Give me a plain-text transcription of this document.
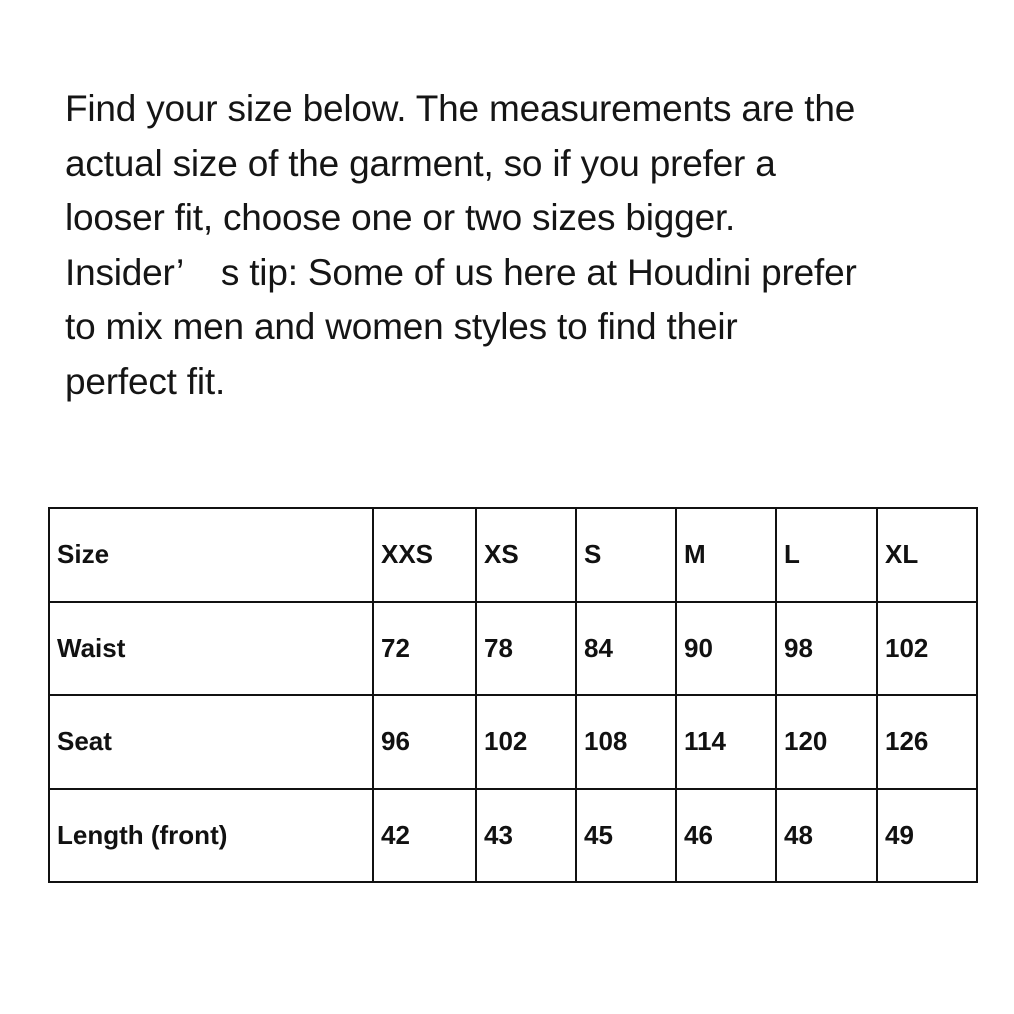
Find your size below. The measurements are the
actual size of the garment, so if you prefer a
looser fit, choose one or two sizes bigger.
Insider’ s tip: Some of us here at Houdini prefer
to mix men and women styles to find their
perfect fit.

Size	XXS	XS	S	M	L	XL
Waist	72	78	84	90	98	102
Seat	96	102	108	114	120	126
Length (front)	42	43	45	46	48	49
